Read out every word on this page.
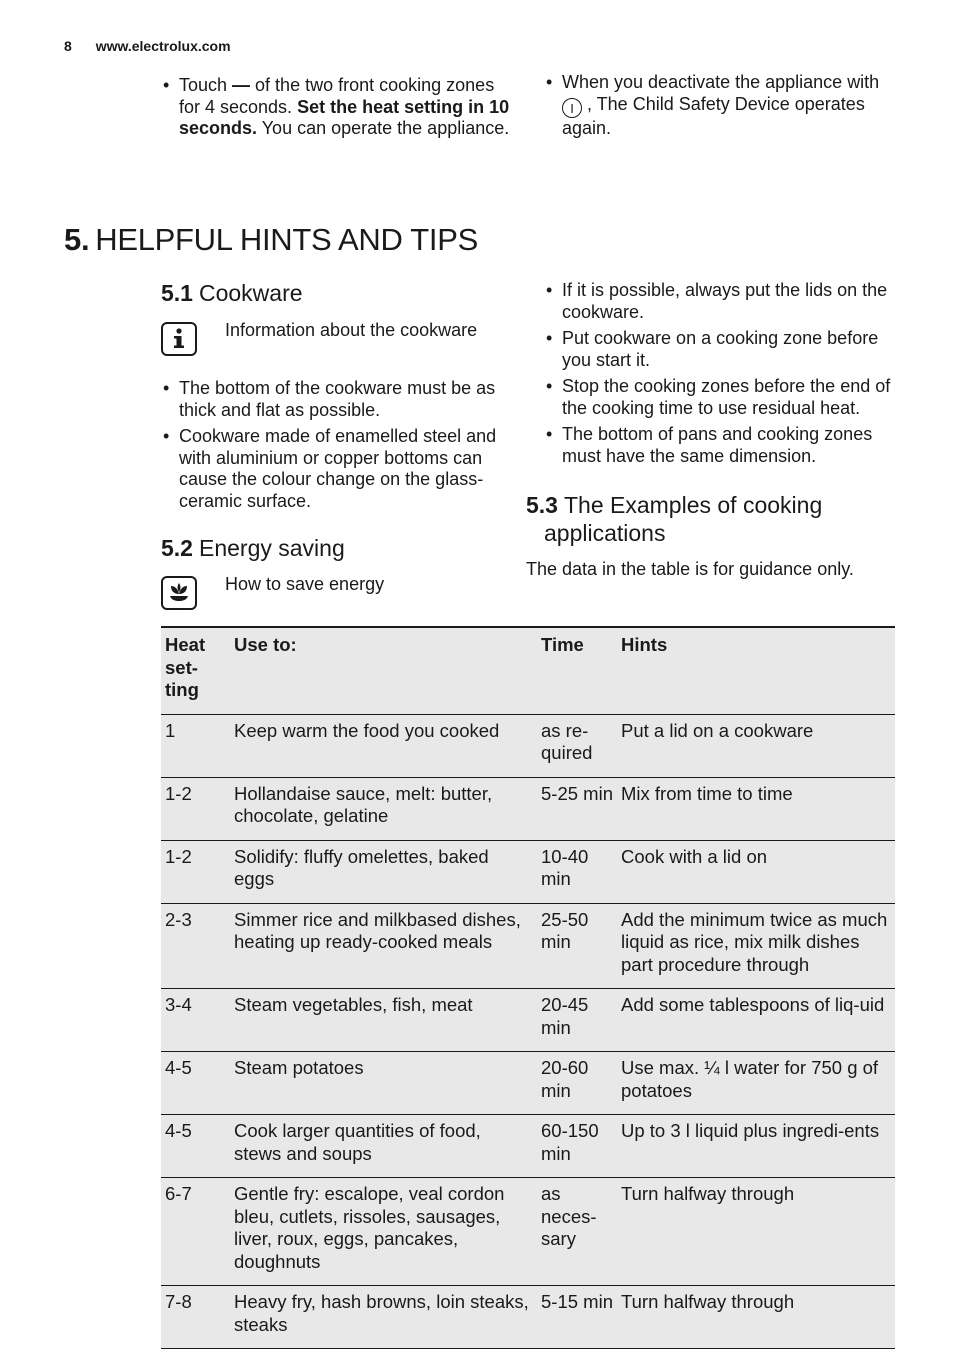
8 www.electrolux.com
• Touch — of the two front cooking zones for 4 seconds. Set the heat setting in 10 seconds. You can operate the appliance.
• When you deactivate the appliance with
I , The Child Safety Device operates again.
5. HELPFUL HINTS AND TIPS
5.1 Cookware
Information about the cookware
• The bottom of the cookware must be as thick and flat as possible.
• Cookware made of enamelled steel and with aluminium or copper bottoms can cause the colour change on the glass-ceramic surface.
5.2 Energy saving
How to save energy
• If it is possible, always put the lids on the cookware.
• Put cookware on a cooking zone before you start it.
• Stop the cooking zones before the end of the cooking time to use residual heat.
• The bottom of pans and cooking zones must have the same dimension.
5.3 The Examples of cooking applications
The data in the table is for guidance only.
Heat set-ting	Use to:	Time	Hints
1	Keep warm the food you cooked	as re-quired	Put a lid on a cookware
1-2	Hollandaise sauce, melt: butter, chocolate, gelatine	5-25 min	Mix from time to time
1-2	Solidify: fluffy omelettes, baked eggs	10-40 min	Cook with a lid on
2-3	Simmer rice and milkbased dishes, heating up ready-cooked meals	25-50 min	Add the minimum twice as much liquid as rice, mix milk dishes part procedure through
3-4	Steam vegetables, fish, meat	20-45 min	Add some tablespoons of liq-uid
4-5	Steam potatoes	20-60 min	Use max. ¼ l water for 750 g of potatoes
4-5	Cook larger quantities of food, stews and soups	60-150 min	Up to 3 l liquid plus ingredi-ents
6-7	Gentle fry: escalope, veal cordon bleu, cutlets, rissoles, sausages, liver, roux, eggs, pancakes, doughnuts	as neces-sary	Turn halfway through
7-8	Heavy fry, hash browns, loin steaks, steaks	5-15 min	Turn halfway through
